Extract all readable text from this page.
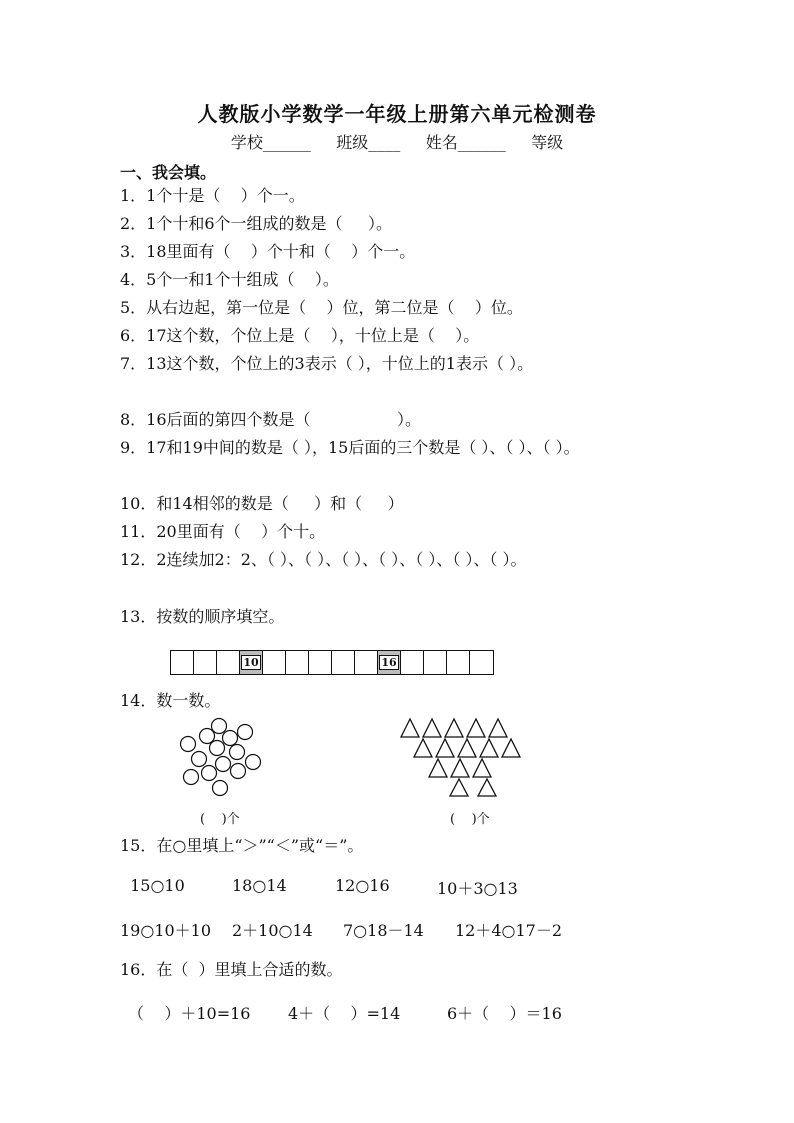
人教版小学数学一年级上册第六单元检测卷
学校______     班级____     姓名______     等级
一、我会填。
1．1个十是（    ）个一。
2．1个十和6个一组成的数是（     ）。
3．18里面有（    ）个十和（    ）个一。
4．5个一和1个十组成（    ）。
5．从右边起，第一位是（    ）位，第二位是（    ）位。
6．17这个数，个位上是（    ），十位上是（    ）。
7．13这个数，个位上的3表示（ ），十位上的1表示（ ）。
8．16后面的第四个数是（                 ）。
9．17和19中间的数是（ ），15后面的三个数是（ ）、（ ）、（ ）。
10．和14相邻的数是（     ）和（     ）
11．20里面有（    ）个十。
12．2连续加2：2、（ ）、（ ）、（ ）、（ ）、（ ）、（ ）、（ ）。
13．按数的顺序填空。
10	16
14．数一数。
(    )个	(    )个
15．在○里填上“＞”“＜”或“＝”。
15○10	18○14	12○16	10＋3○13
19○10＋10 2＋10○14 7○18－14 12＋4○17－2
16．在（  ）里填上合适的数。
（    ）＋10=16 4＋（    ）=14	6＋（    ）＝16
